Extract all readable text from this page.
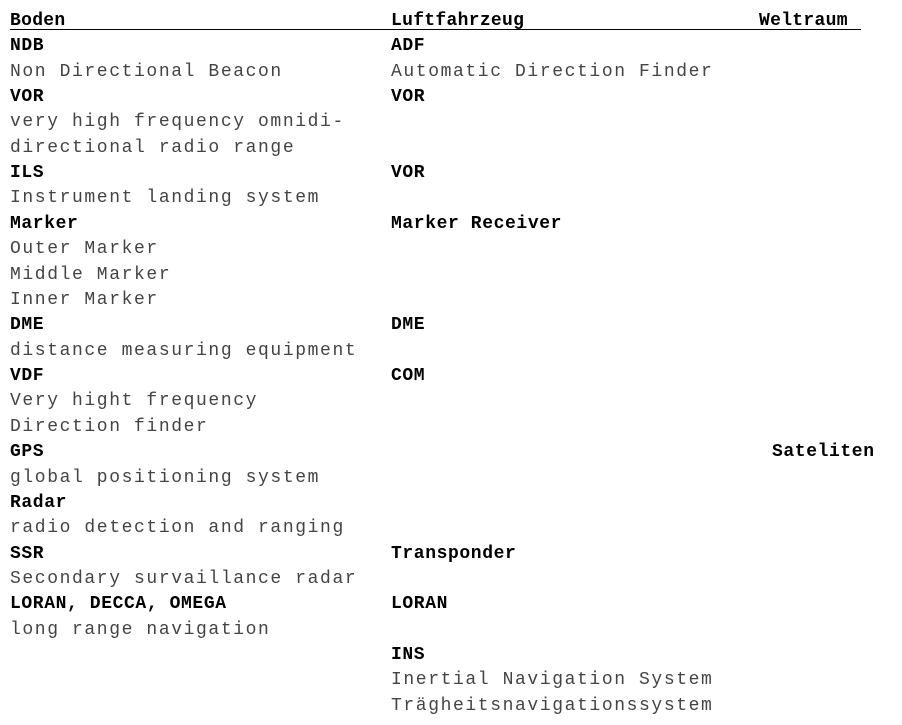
Boden	Luftfahrzeug	Weltraum
NDB
Non Directional Beacon
VOR
very high frequency omnidi-
directional radio range
ILS
Instrument landing system
Marker
Outer Marker
Middle Marker
Inner Marker
DME
distance measuring equipment
VDF
Very hight frequency
Direction finder
GPS
global positioning system
Radar
radio detection and ranging
SSR
Secondary survaillance radar
LORAN, DECCA, OMEGA
long range navigation
ADF
Automatic Direction Finder
VOR
VOR
Marker Receiver
DME
COM
Transponder
LORAN
INS
Inertial Navigation System
Trägheitsnavigationssystem
Sateliten
